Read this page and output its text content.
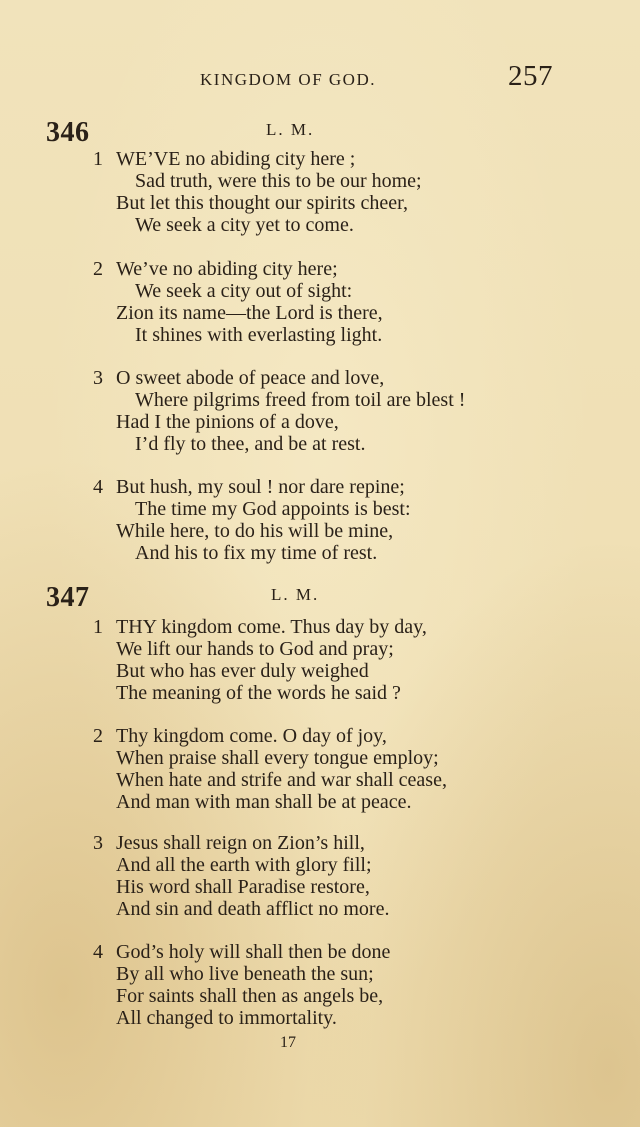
KINGDOM OF GOD.	257
346	L. M.
1 WE’VE no abiding city here ;
Sad truth, were this to be our home;
But let this thought our spirits cheer,
We seek a city yet to come.
2 We’ve no abiding city here;
We seek a city out of sight:
Zion its name—the Lord is there,
It shines with everlasting light.
3 O sweet abode of peace and love,
Where pilgrims freed from toil are blest !
Had I the pinions of a dove,
I’d fly to thee, and be at rest.
4 But hush, my soul ! nor dare repine;
The time my God appoints is best:
While here, to do his will be mine,
And his to fix my time of rest.
347	L. M.
1 THY kingdom come. Thus day by day,
We lift our hands to God and pray;
But who has ever duly weighed
The meaning of the words he said ?
2 Thy kingdom come. O day of joy,
When praise shall every tongue employ;
When hate and strife and war shall cease,
And man with man shall be at peace.
3 Jesus shall reign on Zion’s hill,
And all the earth with glory fill;
His word shall Paradise restore,
And sin and death afflict no more.
4 God’s holy will shall then be done
By all who live beneath the sun;
For saints shall then as angels be,
All changed to immortality.
17
